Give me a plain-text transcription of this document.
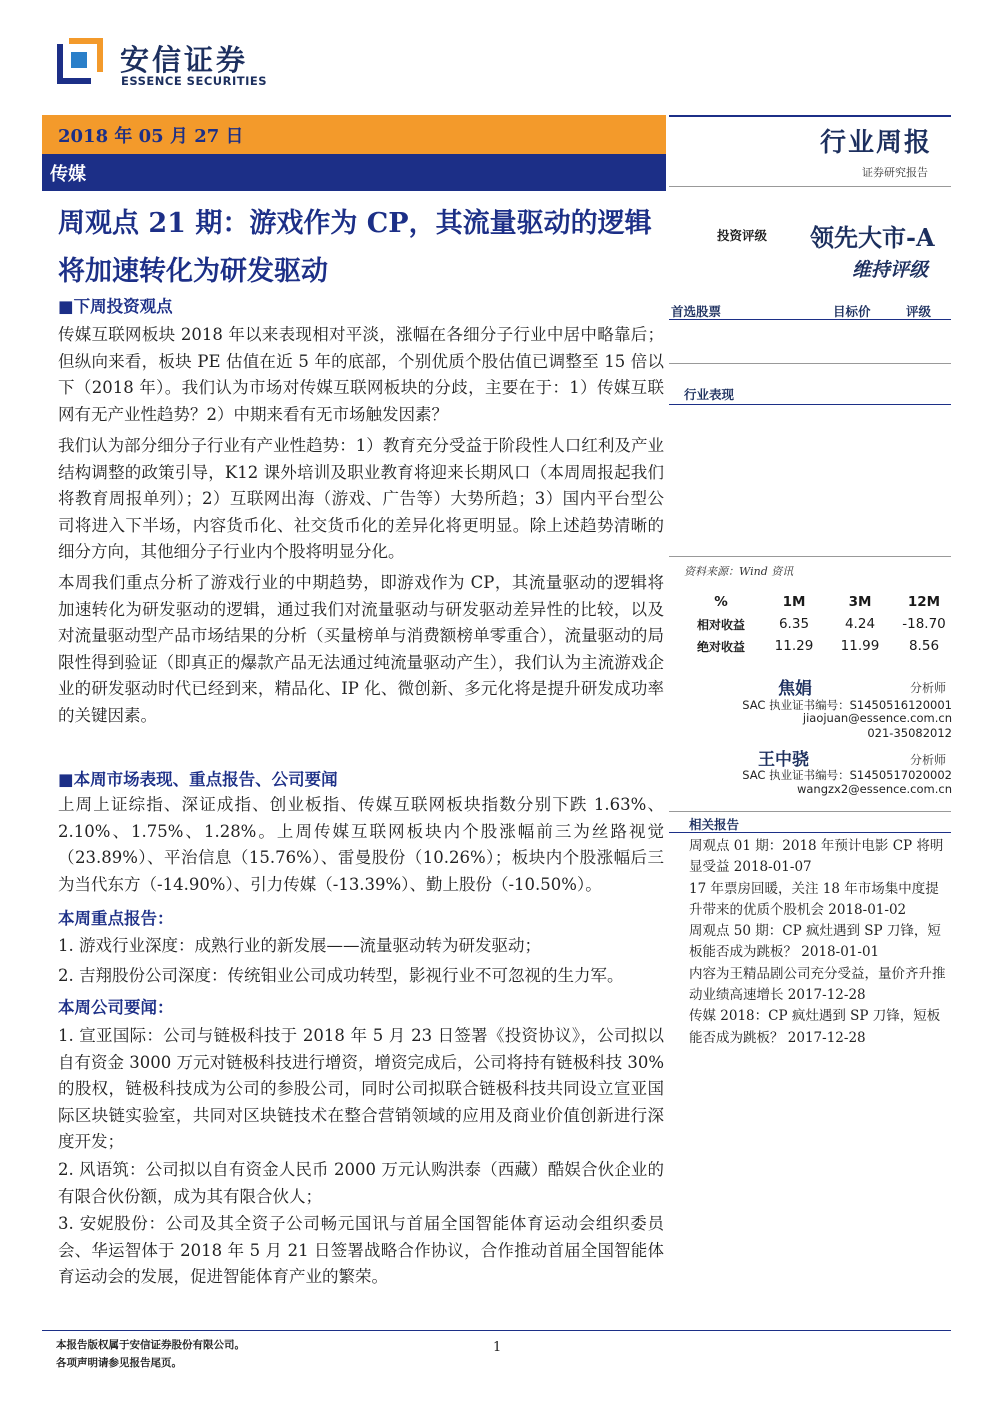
安信证券
ESSENCE SECURITIES
2018 年 05 月 27 日
传媒
行业周报
证券研究报告
周观点 21 期：游戏作为 CP，其流量驱动的逻辑将加速转化为研发驱动
投资评级 领先大市-A
维持评级
■下周投资观点
传媒互联网板块 2018 年以来表现相对平淡，涨幅在各细分子行业中居中略靠后；但纵向来看，板块 PE 估值在近 5 年的底部，个别优质个股估值已调整至 15 倍以下（2018 年）。我们认为市场对传媒互联网板块的分歧，主要在于：1）传媒互联网有无产业性趋势？2）中期来看有无市场触发因素？
我们认为部分细分子行业有产业性趋势：1）教育充分受益于阶段性人口红利及产业结构调整的政策引导，K12 课外培训及职业教育将迎来长期风口（本周周报起我们将教育周报单列）；2）互联网出海（游戏、广告等）大势所趋；3）国内平台型公司将进入下半场，内容货币化、社交货币化的差异化将更明显。除上述趋势清晰的细分方向，其他细分子行业内个股将明显分化。
本周我们重点分析了游戏行业的中期趋势，即游戏作为 CP，其流量驱动的逻辑将加速转化为研发驱动的逻辑，通过我们对流量驱动与研发驱动差异性的比较，以及对流量驱动型产品市场结果的分析（买量榜单与消费额榜单零重合），流量驱动的局限性得到验证（即真正的爆款产品无法通过纯流量驱动产生），我们认为主流游戏企业的研发驱动时代已经到来，精品化、IP 化、微创新、多元化将是提升研发成功率的关键因素。
■本周市场表现、重点报告、公司要闻
上周上证综指、深证成指、创业板指、传媒互联网板块指数分别下跌 1.63%、2.10%、1.75%、1.28%。上周传媒互联网板块内个股涨幅前三为丝路视觉（23.89%）、平治信息（15.76%）、雷曼股份（10.26%）；板块内个股涨幅后三为当代东方（-14.90%）、引力传媒（-13.39%）、勤上股份（-10.50%）。
本周重点报告：
1. 游戏行业深度：成熟行业的新发展——流量驱动转为研发驱动；
2. 吉翔股份公司深度：传统钼业公司成功转型，影视行业不可忽视的生力军。
本周公司要闻：
1. 宣亚国际：公司与链极科技于 2018 年 5 月 23 日签署《投资协议》，公司拟以自有资金 3000 万元对链极科技进行增资，增资完成后，公司将持有链极科技 30%的股权，链极科技成为公司的参股公司，同时公司拟联合链极科技共同设立宣亚国际区块链实验室，共同对区块链技术在整合营销领域的应用及商业价值创新进行深度开发；
2. 风语筑：公司拟以自有资金人民币 2000 万元认购洪泰（西藏）酷娱合伙企业的有限合伙份额，成为其有限合伙人；
3. 安妮股份：公司及其全资子公司畅元国讯与首届全国智能体育运动会组织委员会、华运智体于 2018 年 5 月 21 日签署战略合作协议，合作推动首届全国智能体育运动会的发展，促进智能体育产业的繁荣。
首选股票	目标价	评级
行业表现
资料来源：Wind 资讯
%	1M	3M	12M
相对收益	6.35	4.24	-18.70
绝对收益	11.29	11.99	8.56
焦娟	分析师
SAC 执业证书编号：S1450516120001
jiaojuan@essence.com.cn
021-35082012
王中骁	分析师
SAC 执业证书编号：S1450517020002
wangzx2@essence.com.cn
相关报告
周观点 01 期：2018 年预计电影 CP 将明显受益 2018-01-07
17 年票房回暖，关注 18 年市场集中度提升带来的优质个股机会 2018-01-02
周观点 50 期：CP 疯灶遇到 SP 刀锋，短板能否成为跳板？ 2018-01-01
内容为王精品剧公司充分受益，量价齐升推动业绩高速增长 2017-12-28
传媒 2018：CP 疯灶遇到 SP 刀锋，短板能否成为跳板？ 2017-12-28
本报告版权属于安信证券股份有限公司。
各项声明请参见报告尾页。
1
